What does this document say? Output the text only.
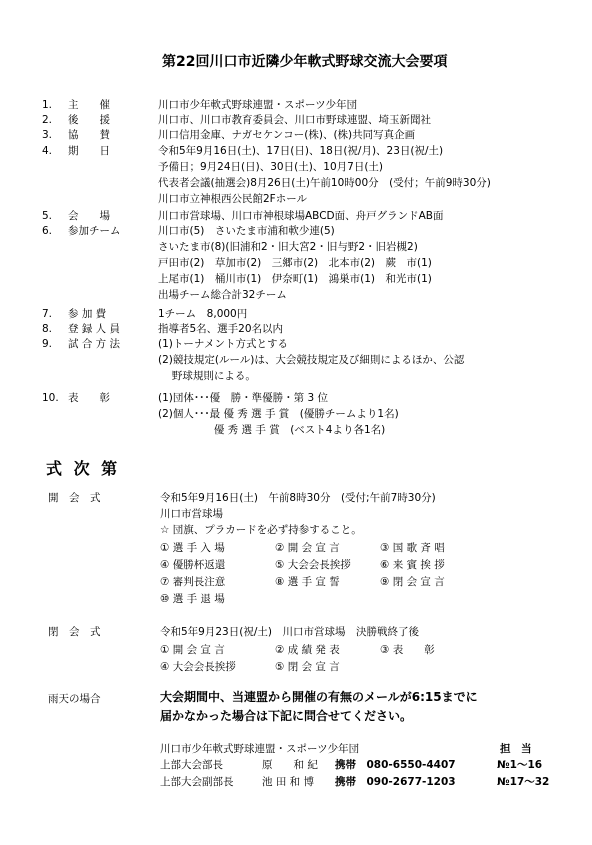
第22回川口市近隣少年軟式野球交流大会要項
1. 主　　催	川口市少年軟式野球連盟・スポーツ少年団
2. 後　　援	川口市、川口市教育委員会、川口市野球連盟、埼玉新聞社
3. 協　　賛	川口信用金庫、ナガセケンコー(株)、(株)共同写真企画
4. 期　　日	令和5年9月16日(土)、17日(日)、18日(祝/月)、23日(祝/土)
予備日；9月24日(日)、30日(土)、10月7日(土)
代表者会議(抽選会)8月26日(土)午前10時00分　(受付；午前9時30分)
川口市立神根西公民館2Fホール
5. 会　　場	川口市営球場、川口市神根球場ABCD面、舟戸グランドAB面
6. 参加チーム	川口市(5)　さいたま市浦和軟少連(5)
さいたま市(8)(旧浦和2・旧大宮2・旧与野2・旧岩槻2)
戸田市(2)　草加市(2)　三郷市(2)　北本市(2)　蕨　市(1)
上尾市(1)　桶川市(1)　伊奈町(1)　鴻巣市(1)　和光市(1)
出場チーム総合計32チーム
7. 参 加 費	1チーム　8,000円
8. 登 録 人 員	指導者5名、選手20名以内
9. 試 合 方 法	(1)トーナメント方式とする
(2)競技規定(ルール)は、大会競技規定及び細則によるほか、公認
　 野球規則による。
10. 表　　彰	(1)団体･･･優　勝・準優勝・第 3 位
(2)個人･･･最 優 秀 選 手 賞　(優勝チームより1名)
　　　　　 優 秀 選 手 賞　(ベスト4より各1名)
式 次 第
開　会　式	令和5年9月16日(土)　午前8時30分　(受付;午前7時30分)
川口市営球場
☆ 団旗、プラカードを必ず持参すること。
① 選 手 入 場	② 開 会 宣 言	③ 国 歌 斉 唱
④ 優勝杯返還	⑤ 大会会長挨拶	⑥ 来 賓 挨 拶
⑦ 審判長注意	⑧ 選 手 宣 誓	⑨ 閉 会 宣 言
⑩ 選 手 退 場
閉　会　式	令和5年9月23日(祝/土)　川口市営球場　決勝戦終了後
① 開 会 宣 言	② 成 績 発 表	③ 表　　彰
④ 大会会長挨拶	⑤ 閉 会 宣 言
雨天の場合	大会期間中、当連盟から開催の有無のメールが6:15までに
届かなかった場合は下記に問合せてください。
川口市少年軟式野球連盟・スポーツ少年団	担　当
上部大会部長	原　　和 紀 携帯　080-6550-4407	№1～16
上部大会副部長	池 田 和 博 携帯　090-2677-1203	№17～32
